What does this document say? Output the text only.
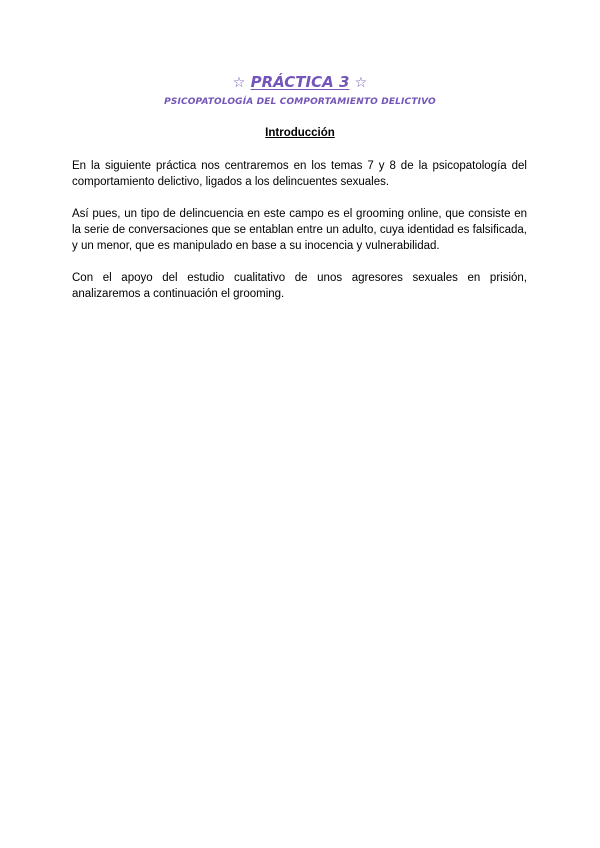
☆ PRÁCTICA 3 ☆
PSICOPATOLOGÍA DEL COMPORTAMIENTO DELICTIVO
Introducción

En la siguiente práctica nos centraremos en los temas 7 y 8 de la psicopatología del comportamiento delictivo, ligados a los delincuentes sexuales.

Así pues, un tipo de delincuencia en este campo es el grooming online, que consiste en la serie de conversaciones que se entablan entre un adulto, cuya identidad es falsificada, y un menor, que es manipulado en base a su inocencia y vulnerabilidad.

Con el apoyo del estudio cualitativo de unos agresores sexuales en prisión, analizaremos a continuación el grooming.
